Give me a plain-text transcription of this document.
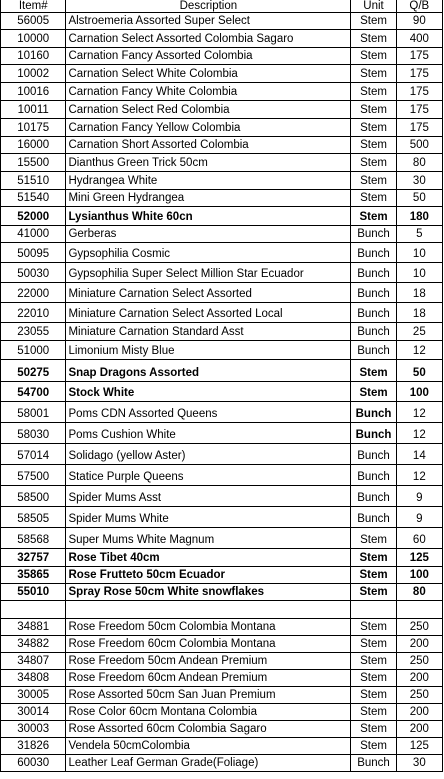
Item#	Description	Unit	Q/B
56005	Alstroemeria Assorted Super Select	Stem	90
10000	Carnation Select Assorted Colombia Sagaro	Stem	400
10160	Carnation Fancy Assorted Colombia	Stem	175
10002	Carnation Select White Colombia	Stem	175
10016	Carnation Fancy White Colombia	Stem	175
10011	Carnation Select Red Colombia	Stem	175
10175	Carnation Fancy Yellow Colombia	Stem	175
16000	Carnation Short Assorted Colombia	Stem	500
15500	Dianthus Green Trick 50cm	Stem	80
51510	Hydrangea White	Stem	30
51540	Mini Green Hydrangea	Stem	50
52000	Lysianthus White 60cn	Stem	180
41000	Gerberas	Bunch	5
50095	Gypsophilia Cosmic	Bunch	10
50030	Gypsophilia Super Select Million Star Ecuador	Bunch	10
22000	Miniature Carnation Select Assorted	Bunch	18
22010	Miniature Carnation Select Assorted Local	Bunch	18
23055	Miniature Carnation Standard Asst	Bunch	25
51000	Limonium Misty Blue	Bunch	12
50275	Snap Dragons Assorted	Stem	50
54700	Stock White	Stem	100
58001	Poms CDN Assorted Queens	Bunch	12
58030	Poms Cushion White	Bunch	12
57014	Solidago (yellow Aster)	Bunch	14
57500	Statice Purple Queens	Bunch	12
58500	Spider Mums Asst	Bunch	9
58505	Spider Mums White	Bunch	9
58568	Super Mums White Magnum	Stem	60
32757	Rose Tibet 40cm	Stem	125
35865	Rose Frutteto 50cm Ecuador	Stem	100
55010	Spray Rose 50cm White snowflakes	Stem	80

34881	Rose Freedom 50cm Colombia Montana	Stem	250
34882	Rose Freedom 60cm Colombia Montana	Stem	200
34807	Rose Freedom 50cm Andean Premium	Stem	250
34808	Rose Freedom 60cm Andean Premium	Stem	200
30005	Rose Assorted 50cm San Juan Premium	Stem	250
30014	Rose Color 60cm Montana Colombia	Stem	200
30003	Rose Assorted 60cm Colombia Sagaro	Stem	200
31826	Vendela 50cmColombia	Stem	125
60030	Leather Leaf German Grade(Foliage)	Bunch	30
